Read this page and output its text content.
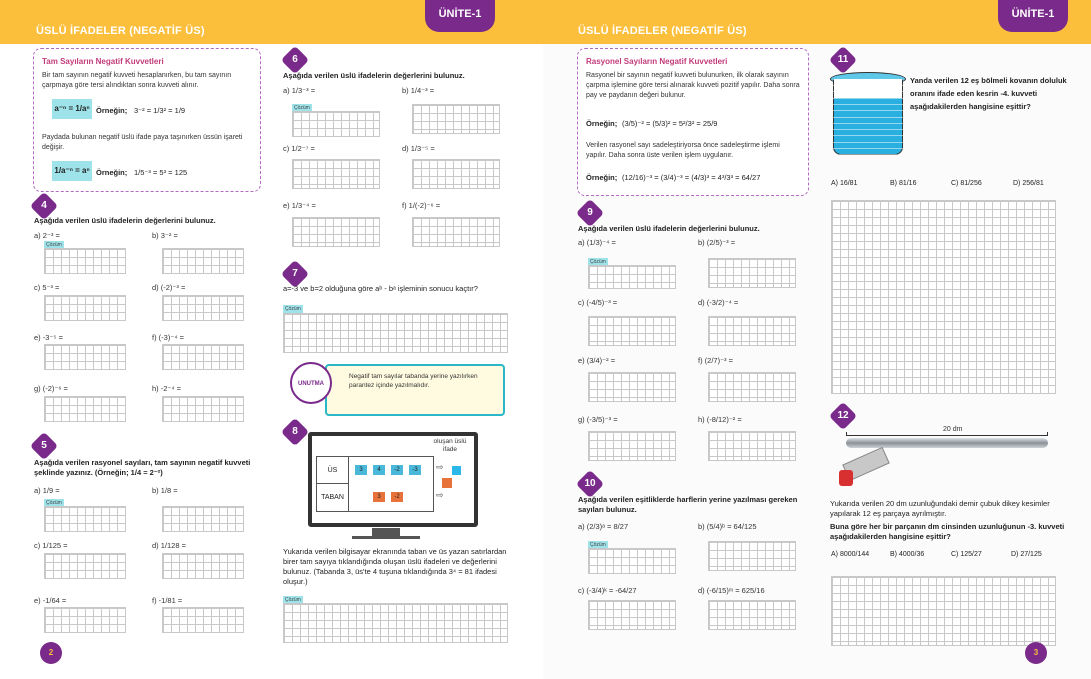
ÜSLÜ İFADELER (NEGATİF ÜS)
ÜNİTE-1
Tam Sayıların Negatif Kuvvetleri
Bir tam sayının negatif kuvveti hesaplanırken, bu tam sayının çarpmaya göre tersi alındıktan sonra kuvveti alınır.
a⁻ⁿ = 1/aⁿ Örneğin; 3⁻² = 1/3² = 1/9
Paydada bulunan negatif üslü ifade paya taşınırken üssün işareti değişir.
1/a⁻ⁿ = aⁿ Örneğin; 1/5⁻³ = 5³ = 125
4
Aşağıda verilen üslü ifadelerin değerlerini bulunuz.
a) 2⁻³ =	b) 3⁻² =
Çözüm
c) 5⁻³ =	d) (-2)⁻³ =
e) -3⁻⁵ =	f) (-3)⁻⁴ =
g) (-2)⁻⁶ =	h) -2⁻⁴ =
5
Aşağıda verilen rasyonel sayıları, tam sayının negatif kuvveti şeklinde yazınız. (Örneğin; 1/4 = 2⁻²)
a) 1/9 =	b) 1/8 =
Çözüm
c) 1/125 =	d) 1/128 =
e) -1/64 =	f) -1/81 =
6
Aşağıda verilen üslü ifadelerin değerlerini bulunuz.
a) 1/3⁻³ =	b) 1/4⁻³ =
Çözüm
c) 1/2⁻⁷ =	d) 1/3⁻⁵ =
e) 1/3⁻⁴ =	f) 1/(-2)⁻⁶ =
7
a=-3 ve b=2 olduğuna göre aᵇ - bᵃ işleminin sonucu kaçtır?
Çözüm
Negatif tam sayılar tabanda yerine yazılırken parantez içinde yazılmalıdır.
UNUTMA
8
ÜS
TABAN
3	4	-2	-3
3	-2
⇨
⇨
oluşan üslü ifade
Yukarıda verilen bilgisayar ekranında taban ve üs yazan satırlardan birer tam sayıya tıklandığında oluşan üslü ifadeleri ve değerlerini bulunuz. (Tabanda 3, üs'te 4 tuşuna tıklandığında 3⁴ = 81 ifadesi oluşur.)
Çözüm
2
ÜSLÜ İFADELER (NEGATİF ÜS)
ÜNİTE-1
Rasyonel Sayıların Negatif Kuvvetleri
Rasyonel bir sayının negatif kuvveti bulunurken, ilk olarak sayının çarpma işlemine göre tersi alınarak kuvveti pozitif yapılır. Daha sonra pay ve paydanın değeri bulunur.
Örneğin; (3/5)⁻² = (5/3)² = 5²/3² = 25/9
Verilen rasyonel sayı sadeleştiriyorsa önce sadeleştirme işlemi yapılır. Daha sonra üste verilen işlem uygulanır.
Örneğin; (12/16)⁻³ = (3/4)⁻³ = (4/3)³ = 4³/3³ = 64/27
9
Aşağıda verilen üslü ifadelerin değerlerini bulunuz.
a) (1/3)⁻⁴ =	b) (2/5)⁻³ =
Çözüm
c) (-4/5)⁻³ =	d) (-3/2)⁻⁴ =
e) (3/4)⁻² =	f) (2/7)⁻³ =
g) (-3/5)⁻³ =	h) (-8/12)⁻² =
10
Aşağıda verilen eşitliklerde harflerin yerine yazılması gereken sayıları bulunuz.
a) (2/3)ᵃ = 8/27	b) (5/4)ᵇ = 64/125
Çözüm
c) (-3/4)ᵏ = -64/27	d) (-6/15)ᵐ = 625/16
11
Yanda verilen 12 eş bölmeli kovanın doluluk oranını ifade eden kesrin -4. kuvveti aşağıdakilerden hangisine eşittir?
A) 16/81	B) 81/16	C) 81/256	D) 256/81
12
20 dm
Yukarıda verilen 20 dm uzunluğundaki demir çubuk dikey kesimler yapılarak 12 eş parçaya ayrılmıştır.
Buna göre her bir parçanın dm cinsinden uzunluğunun -3. kuvveti aşağıdakilerden hangisine eşittir?
A) 8000/144	B) 4000/36	C) 125/27	D) 27/125
3
